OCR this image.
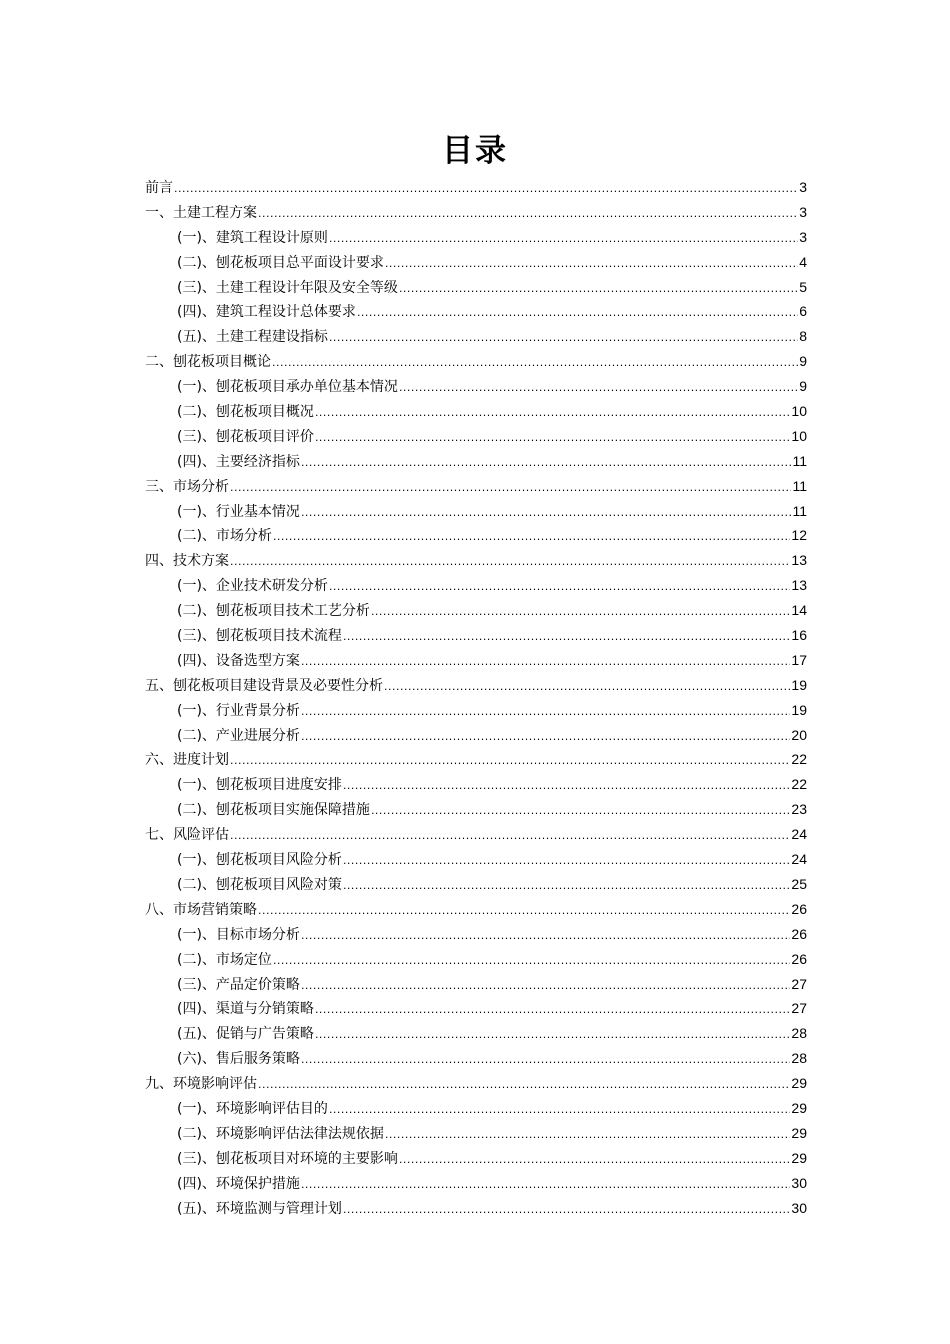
目录
前言 .....	3
一、土建工程方案 .....	3
(一)、建筑工程设计原则 .....	3
(二)、刨花板项目总平面设计要求 .....	4
(三)、土建工程设计年限及安全等级 .....	5
(四)、建筑工程设计总体要求 .....	6
(五)、土建工程建设指标 .....	8
二、刨花板项目概论 .....	9
(一)、刨花板项目承办单位基本情况 .....	9
(二)、刨花板项目概况 .....	10
(三)、刨花板项目评价 .....	10
(四)、主要经济指标 .....	11
三、市场分析 .....	11
(一)、行业基本情况 .....	11
(二)、市场分析 .....	12
四、技术方案 .....	13
(一)、企业技术研发分析 .....	13
(二)、刨花板项目技术工艺分析 .....	14
(三)、刨花板项目技术流程 .....	16
(四)、设备选型方案 .....	17
五、刨花板项目建设背景及必要性分析 .....	19
(一)、行业背景分析 .....	19
(二)、产业进展分析 .....	20
六、进度计划 .....	22
(一)、刨花板项目进度安排 .....	22
(二)、刨花板项目实施保障措施 .....	23
七、风险评估 .....	24
(一)、刨花板项目风险分析 .....	24
(二)、刨花板项目风险对策 .....	25
八、市场营销策略 .....	26
(一)、目标市场分析 .....	26
(二)、市场定位 .....	26
(三)、产品定价策略 .....	27
(四)、渠道与分销策略 .....	27
(五)、促销与广告策略 .....	28
(六)、售后服务策略 .....	28
九、环境影响评估 .....	29
(一)、环境影响评估目的 .....	29
(二)、环境影响评估法律法规依据 .....	29
(三)、刨花板项目对环境的主要影响 .....	29
(四)、环境保护措施 .....	30
(五)、环境监测与管理计划 .....	30
